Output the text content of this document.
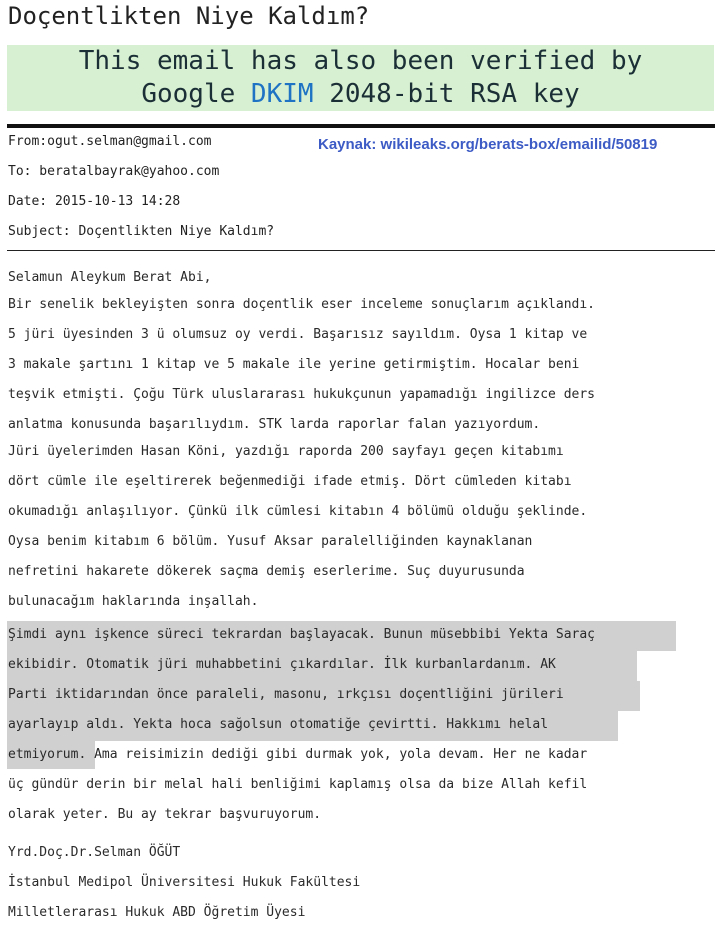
Doçentlikten Niye Kaldım?
This email has also been verified by
Google DKIM 2048-bit RSA key
From:ogut.selman@gmail.com	Kaynak: wikileaks.org/berats-box/emailid/50819
To: beratalbayrak@yahoo.com
Date: 2015-10-13 14:28
Subject: Doçentlikten Niye Kaldım?
Selamun Aleykum Berat Abi,
Bir senelik bekleyişten sonra doçentlik eser inceleme sonuçlarım açıklandı.
5 jüri üyesinden 3 ü olumsuz oy verdi. Başarısız sayıldım. Oysa 1 kitap ve
3 makale şartını 1 kitap ve 5 makale ile yerine getirmiştim. Hocalar beni
teşvik etmişti. Çoğu Türk uluslararası hukukçunun yapamadığı ingilizce ders
anlatma konusunda başarılıydım. STK larda raporlar falan yazıyordum.
Jüri üyelerimden Hasan Köni, yazdığı raporda 200 sayfayı geçen kitabımı
dört cümle ile eşeltirerek beğenmediği ifade etmiş. Dört cümleden kitabı
okumadığı anlaşılıyor. Çünkü ilk cümlesi kitabın 4 bölümü olduğu şeklinde.
Oysa benim kitabım 6 bölüm. Yusuf Aksar paralelliğinden kaynaklanan
nefretini hakarete dökerek saçma demiş eserlerime. Suç duyurusunda
bulunacağım haklarında inşallah.
Şimdi aynı işkence süreci tekrardan başlayacak. Bunun müsebbibi Yekta Saraç
ekibidir. Otomatik jüri muhabbetini çıkardılar. İlk kurbanlardanım. AK
Parti iktidarından önce paraleli, masonu, ırkçısı doçentliğini jürileri
ayarlayıp aldı. Yekta hoca sağolsun otomatiğe çevirtti. Hakkımı helal
etmiyorum. Ama reisimizin dediği gibi durmak yok, yola devam. Her ne kadar
üç gündür derin bir melal hali benliğimi kaplamış olsa da bize Allah kefil
olarak yeter. Bu ay tekrar başvuruyorum.
Yrd.Doç.Dr.Selman ÖĞÜT
İstanbul Medipol Üniversitesi Hukuk Fakültesi
Milletlerarası Hukuk ABD Öğretim Üyesi
